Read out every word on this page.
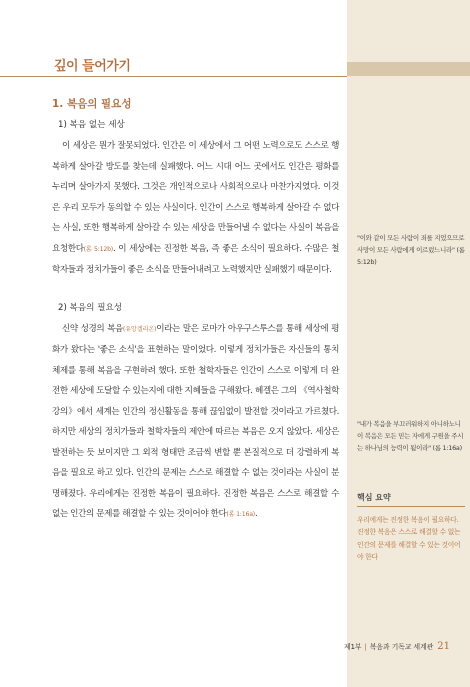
깊이 들어가기
1. 복음의 필요성
1) 복음 없는 세상

이 세상은 뭔가 잘못되었다. 인간은 이 세상에서 그 어떤 노력으로도 스스로 행복하게 살아갈 방도를 찾는데 실패했다. 어느 시대 어느 곳에서도 인간은 평화를 누리며 살아가지 못했다. 그것은 개인적으로나 사회적으로나 마찬가지였다. 이것은 우리 모두가 동의할 수 있는 사실이다. 인간이 스스로 행복하게 살아갈 수 없다는 사실, 또한 행복하게 살아갈 수 있는 세상을 만들어낼 수 없다는 사실이 복음을 요청한다(롬 5:12b). 이 세상에는 진정한 복음, 즉 좋은 소식이 필요하다. 수많은 철학자들과 정치가들이 좋은 소식을 만들어내려고 노력했지만 실패했기 때문이다.

2) 복음의 필요성

신약 성경의 복음(유앙겔리온)이라는 말은 로마가 아우구스투스를 통해 세상에 평화가 왔다는 '좋은 소식'을 표현하는 말이었다. 이렇게 정치가들은 자신들의 통치체제를 통해 복음을 구현하려 했다. 또한 철학자들은 인간이 스스로 이렇게 더 완전한 세상에 도달할 수 있는지에 대한 지혜들을 구해왔다. 헤겔은 그의 《역사철학강의》에서 세계는 인간의 정신활동을 통해 끊임없이 발전할 것이라고 가르쳤다. 하지만 세상의 정치가들과 철학자들의 제안에 따르는 복음은 오지 않았다. 세상은 발전하는 듯 보이지만 그 외적 형태만 조금씩 변할 뿐 본질적으로 더 강렬하게 복음을 필요로 하고 있다. 인간의 문제는 스스로 해결할 수 없는 것이라는 사실이 분명해졌다. 우리에게는 진정한 복음이 필요하다. 진정한 복음은 스스로 해결할 수 없는 인간의 문제를 해결할 수 있는 것이어야 한다(롬 1:16a).

"이와 같이 모든 사람이 죄를 지었으므로 사망이 모든 사람에게 이르렀느니라" (롬 5:12b)
"내가 복음을 부끄러워하지 아니하노니 이 복음은 모든 믿는 자에게 구원을 주시는 하나님의 능력이 됨이라" (롬 1:16a)
핵심 요약
우리에게는 진정한 복음이 필요하다. 진정한 복음은 스스로 해결할 수 없는 인간의 문제를 해결할 수 있는 것이어야 한다
제1부 | 복음과 기독교 세계관 21
